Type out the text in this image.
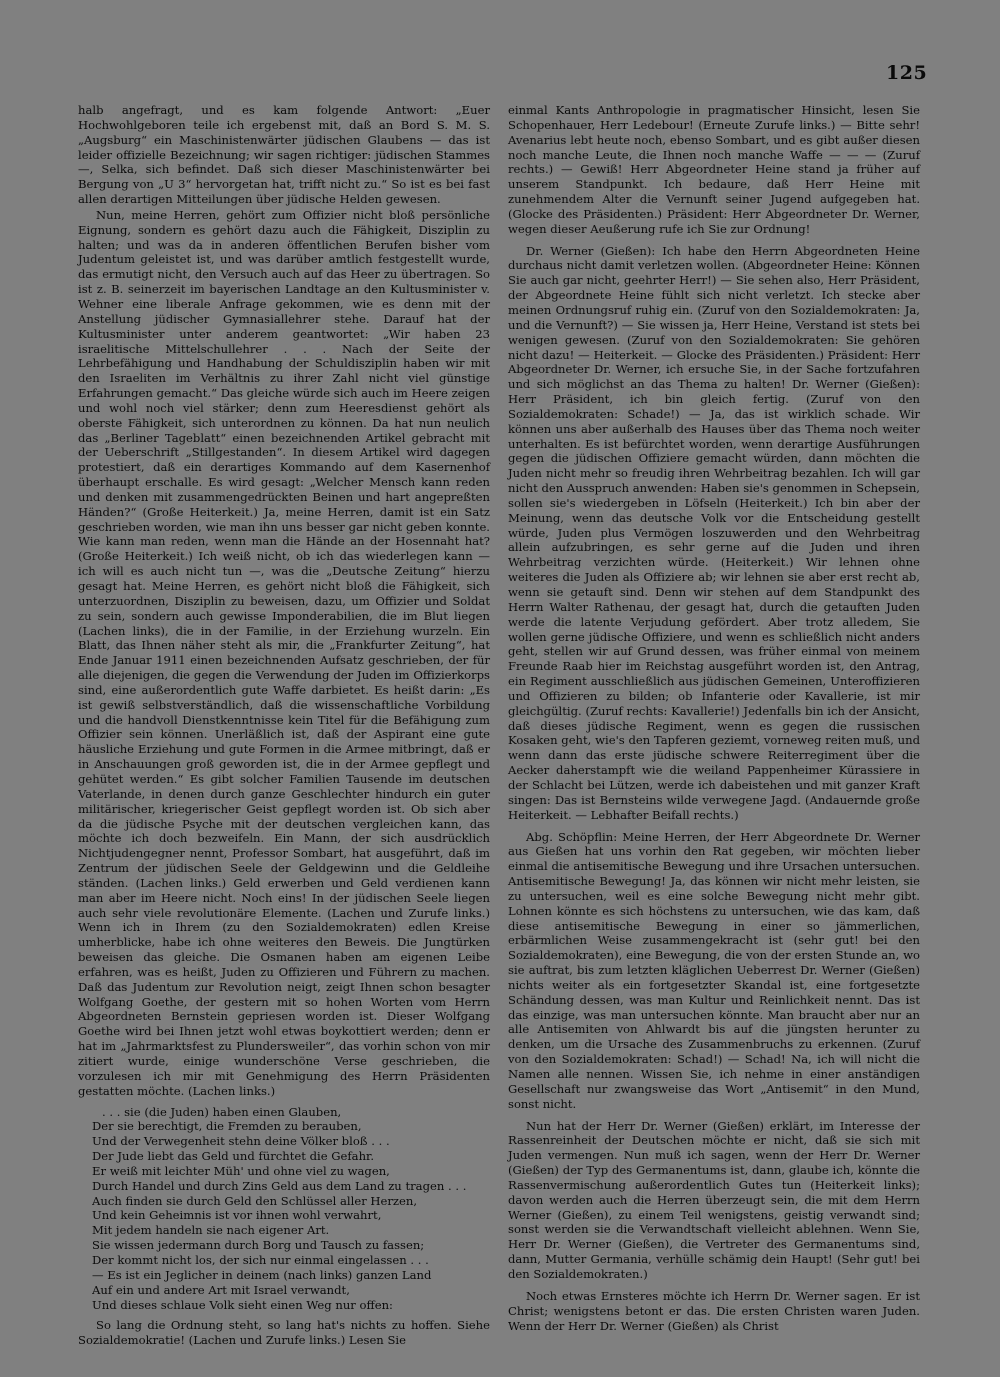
125

halb angefragt, und es kam folgende Antwort: „Euer Hochwohlgeboren teile ich ergebenst mit, daß an Bord S. M. S. „Augsburg“ ein Maschinistenwärter jüdischen Glaubens — das ist leider offizielle Bezeichnung; wir sagen richtiger: jüdischen Stammes —, Selka, sich befindet. Daß sich dieser Maschinistenwärter bei Bergung von „U 3“ hervorgetan hat, trifft nicht zu.“ So ist es bei fast allen derartigen Mitteilungen über jüdische Helden gewesen.

Nun, meine Herren, gehört zum Offizier nicht bloß persönliche Eignung, sondern es gehört dazu auch die Fähigkeit, Disziplin zu halten; und was da in anderen öffentlichen Berufen bisher vom Judentum geleistet ist, und was darüber amtlich festgestellt wurde, das ermutigt nicht, den Versuch auch auf das Heer zu übertragen. So ist z. B. seinerzeit im bayerischen Landtage an den Kultusminister v. Wehner eine liberale Anfrage gekommen, wie es denn mit der Anstellung jüdischer Gymnasiallehrer stehe. Darauf hat der Kultusminister unter anderem geantwortet: „Wir haben 23 israelitische Mittelschullehrer . . . Nach der Seite der Lehrbefähigung und Handhabung der Schuldisziplin haben wir mit den Israeliten im Verhältnis zu ihrer Zahl nicht viel günstige Erfahrungen gemacht.“ Das gleiche würde sich auch im Heere zeigen und wohl noch viel stärker; denn zum Heeresdienst gehört als oberste Fähigkeit, sich unterordnen zu können. Da hat nun neulich das „Berliner Tageblatt“ einen bezeichnenden Artikel gebracht mit der Ueberschrift „Stillgestanden“. In diesem Artikel wird dagegen protestiert, daß ein derartiges Kommando auf dem Kasernenhof überhaupt erschalle. Es wird gesagt: „Welcher Mensch kann reden und denken mit zusammengedrückten Beinen und hart angepreßten Händen?“ (Große Heiterkeit.) Ja, meine Herren, damit ist ein Satz geschrieben worden, wie man ihn uns besser gar nicht geben konnte. Wie kann man reden, wenn man die Hände an der Hosennaht hat? (Große Heiterkeit.) Ich weiß nicht, ob ich das wiederlegen kann — ich will es auch nicht tun —, was die „Deutsche Zeitung“ hierzu gesagt hat. Meine Herren, es gehört nicht bloß die Fähigkeit, sich unterzuordnen, Disziplin zu beweisen, dazu, um Offizier und Soldat zu sein, sondern auch gewisse Imponderabilien, die im Blut liegen (Lachen links), die in der Familie, in der Erziehung wurzeln. Ein Blatt, das Ihnen näher steht als mir, die „Frankfurter Zeitung“, hat Ende Januar 1911 einen bezeichnenden Aufsatz geschrieben, der für alle diejenigen, die gegen die Verwendung der Juden im Offizierkorps sind, eine außerordentlich gute Waffe darbietet. Es heißt darin: „Es ist gewiß selbstverständlich, daß die wissenschaftliche Vorbildung und die handvoll Dienstkenntnisse kein Titel für die Befähigung zum Offizier sein können. Unerläßlich ist, daß der Aspirant eine gute häusliche Erziehung und gute Formen in die Armee mitbringt, daß er in Anschauungen groß geworden ist, die in der Armee gepflegt und gehütet werden.“ Es gibt solcher Familien Tausende im deutschen Vaterlande, in denen durch ganze Geschlechter hindurch ein guter militärischer, kriegerischer Geist gepflegt worden ist. Ob sich aber da die jüdische Psyche mit der deutschen vergleichen kann, das möchte ich doch bezweifeln. Ein Mann, der sich ausdrücklich Nichtjudengegner nennt, Professor Sombart, hat ausgeführt, daß im Zentrum der jüdischen Seele der Geldgewinn und die Geldleihe ständen. (Lachen links.) Geld erwerben und Geld verdienen kann man aber im Heere nicht. Noch eins! In der jüdischen Seele liegen auch sehr viele revolutionäre Elemente. (Lachen und Zurufe links.) Wenn ich in Ihrem (zu den Sozialdemokraten) edlen Kreise umherblicke, habe ich ohne weiteres den Beweis. Die Jungtürken beweisen das gleiche. Die Osmanen haben am eigenen Leibe erfahren, was es heißt, Juden zu Offizieren und Führern zu machen. Daß das Judentum zur Revolution neigt, zeigt Ihnen schon besagter Wolfgang Goethe, der gestern mit so hohen Worten vom Herrn Abgeordneten Bernstein gepriesen worden ist. Dieser Wolfgang Goethe wird bei Ihnen jetzt wohl etwas boykottiert werden; denn er hat im „Jahrmarktsfest zu Plundersweiler“, das vorhin schon von mir zitiert wurde, einige wunderschöne Verse geschrieben, die vorzulesen ich mir mit Genehmigung des Herrn Präsidenten gestatten möchte. (Lachen links.)

. . . sie (die Juden) haben einen Glauben,
Der sie berechtigt, die Fremden zu berauben,
Und der Verwegenheit stehn deine Völker bloß . . .
Der Jude liebt das Geld und fürchtet die Gefahr.
Er weiß mit leichter Müh' und ohne viel zu wagen,
Durch Handel und durch Zins Geld aus dem Land zu tragen . . .
Auch finden sie durch Geld den Schlüssel aller Herzen,
Und kein Geheimnis ist vor ihnen wohl verwahrt,
Mit jedem handeln sie nach eigener Art.
Sie wissen jedermann durch Borg und Tausch zu fassen;
Der kommt nicht los, der sich nur einmal eingelassen . . .
— Es ist ein Jeglicher in deinem (nach links) ganzen Land
Auf ein und andere Art mit Israel verwandt,
Und dieses schlaue Volk sieht einen Weg nur offen:

So lang die Ordnung steht, so lang hat's nichts zu hoffen. Siehe Sozialdemokratie! (Lachen und Zurufe links.) Lesen Sie

einmal Kants Anthropologie in pragmatischer Hinsicht, lesen Sie Schopenhauer, Herr Ledebour! (Erneute Zurufe links.) — Bitte sehr! Avenarius lebt heute noch, ebenso Sombart, und es gibt außer diesen noch manche Leute, die Ihnen noch manche Waffe — — — (Zuruf rechts.) — Gewiß! Herr Abgeordneter Heine stand ja früher auf unserem Standpunkt. Ich bedaure, daß Herr Heine mit zunehmendem Alter die Vernunft seiner Jugend aufgegeben hat. (Glocke des Präsidenten.) Präsident: Herr Abgeordneter Dr. Werner, wegen dieser Aeußerung rufe ich Sie zur Ordnung!

Dr. Werner (Gießen): Ich habe den Herrn Abgeordneten Heine durchaus nicht damit verletzen wollen. (Abgeordneter Heine: Können Sie auch gar nicht, geehrter Herr!) — Sie sehen also, Herr Präsident, der Abgeordnete Heine fühlt sich nicht verletzt. Ich stecke aber meinen Ordnungsruf ruhig ein. (Zuruf von den Sozialdemokraten: Ja, und die Vernunft?) — Sie wissen ja, Herr Heine, Verstand ist stets bei wenigen gewesen. (Zuruf von den Sozialdemokraten: Sie gehören nicht dazu! — Heiterkeit. — Glocke des Präsidenten.) Präsident: Herr Abgeordneter Dr. Werner, ich ersuche Sie, in der Sache fortzufahren und sich möglichst an das Thema zu halten! Dr. Werner (Gießen): Herr Präsident, ich bin gleich fertig. (Zuruf von den Sozialdemokraten: Schade!) — Ja, das ist wirklich schade. Wir können uns aber außerhalb des Hauses über das Thema noch weiter unterhalten. Es ist befürchtet worden, wenn derartige Ausführungen gegen die jüdischen Offiziere gemacht würden, dann möchten die Juden nicht mehr so freudig ihren Wehrbeitrag bezahlen. Ich will gar nicht den Ausspruch anwenden: Haben sie's genommen in Schepsein, sollen sie's wiedergeben in Löfseln (Heiterkeit.) Ich bin aber der Meinung, wenn das deutsche Volk vor die Entscheidung gestellt würde, Juden plus Vermögen loszuwerden und den Wehrbeitrag allein aufzubringen, es sehr gerne auf die Juden und ihren Wehrbeitrag verzichten würde. (Heiterkeit.) Wir lehnen ohne weiteres die Juden als Offiziere ab; wir lehnen sie aber erst recht ab, wenn sie getauft sind. Denn wir stehen auf dem Standpunkt des Herrn Walter Rathenau, der gesagt hat, durch die getauften Juden werde die latente Verjudung gefördert. Aber trotz alledem, Sie wollen gerne jüdische Offiziere, und wenn es schließlich nicht anders geht, stellen wir auf Grund dessen, was früher einmal von meinem Freunde Raab hier im Reichstag ausgeführt worden ist, den Antrag, ein Regiment ausschließlich aus jüdischen Gemeinen, Unteroffizieren und Offizieren zu bilden; ob Infanterie oder Kavallerie, ist mir gleichgültig. (Zuruf rechts: Kavallerie!) Jedenfalls bin ich der Ansicht, daß dieses jüdische Regiment, wenn es gegen die russischen Kosaken geht, wie's den Tapferen geziemt, vorneweg reiten muß, und wenn dann das erste jüdische schwere Reiterregiment über die Aecker daherstampft wie die weiland Pappenheimer Kürassiere in der Schlacht bei Lützen, werde ich dabeistehen und mit ganzer Kraft singen: Das ist Bernsteins wilde verwegene Jagd. (Andauernde große Heiterkeit. — Lebhafter Beifall rechts.)

Abg. Schöpflin: Meine Herren, der Herr Abgeordnete Dr. Werner aus Gießen hat uns vorhin den Rat gegeben, wir möchten lieber einmal die antisemitische Bewegung und ihre Ursachen untersuchen. Antisemitische Bewegung! Ja, das können wir nicht mehr leisten, sie zu untersuchen, weil es eine solche Bewegung nicht mehr gibt. Lohnen könnte es sich höchstens zu untersuchen, wie das kam, daß diese antisemitische Bewegung in einer so jämmerlichen, erbärmlichen Weise zusammengekracht ist (sehr gut! bei den Sozialdemokraten), eine Bewegung, die von der ersten Stunde an, wo sie auftrat, bis zum letzten kläglichen Ueberrest Dr. Werner (Gießen) nichts weiter als ein fortgesetzter Skandal ist, eine fortgesetzte Schändung dessen, was man Kultur und Reinlichkeit nennt. Das ist das einzige, was man untersuchen könnte. Man braucht aber nur an alle Antisemiten von Ahlwardt bis auf die jüngsten herunter zu denken, um die Ursache des Zusammenbruchs zu erkennen. (Zuruf von den Sozialdemokraten: Schad!) — Schad! Na, ich will nicht die Namen alle nennen. Wissen Sie, ich nehme in einer anständigen Gesellschaft nur zwangsweise das Wort „Antisemit“ in den Mund, sonst nicht.

Nun hat der Herr Dr. Werner (Gießen) erklärt, im Interesse der Rassenreinheit der Deutschen möchte er nicht, daß sie sich mit Juden vermengen. Nun muß ich sagen, wenn der Herr Dr. Werner (Gießen) der Typ des Germanentums ist, dann, glaube ich, könnte die Rassenvermischung außerordentlich Gutes tun (Heiterkeit links); davon werden auch die Herren überzeugt sein, die mit dem Herrn Werner (Gießen), zu einem Teil wenigstens, geistig verwandt sind; sonst werden sie die Verwandtschaft vielleicht ablehnen. Wenn Sie, Herr Dr. Werner (Gießen), die Vertreter des Germanentums sind, dann, Mutter Germania, verhülle schämig dein Haupt! (Sehr gut! bei den Sozialdemokraten.)

Noch etwas Ernsteres möchte ich Herrn Dr. Werner sagen. Er ist Christ; wenigstens betont er das. Die ersten Christen waren Juden. Wenn der Herr Dr. Werner (Gießen) als Christ
